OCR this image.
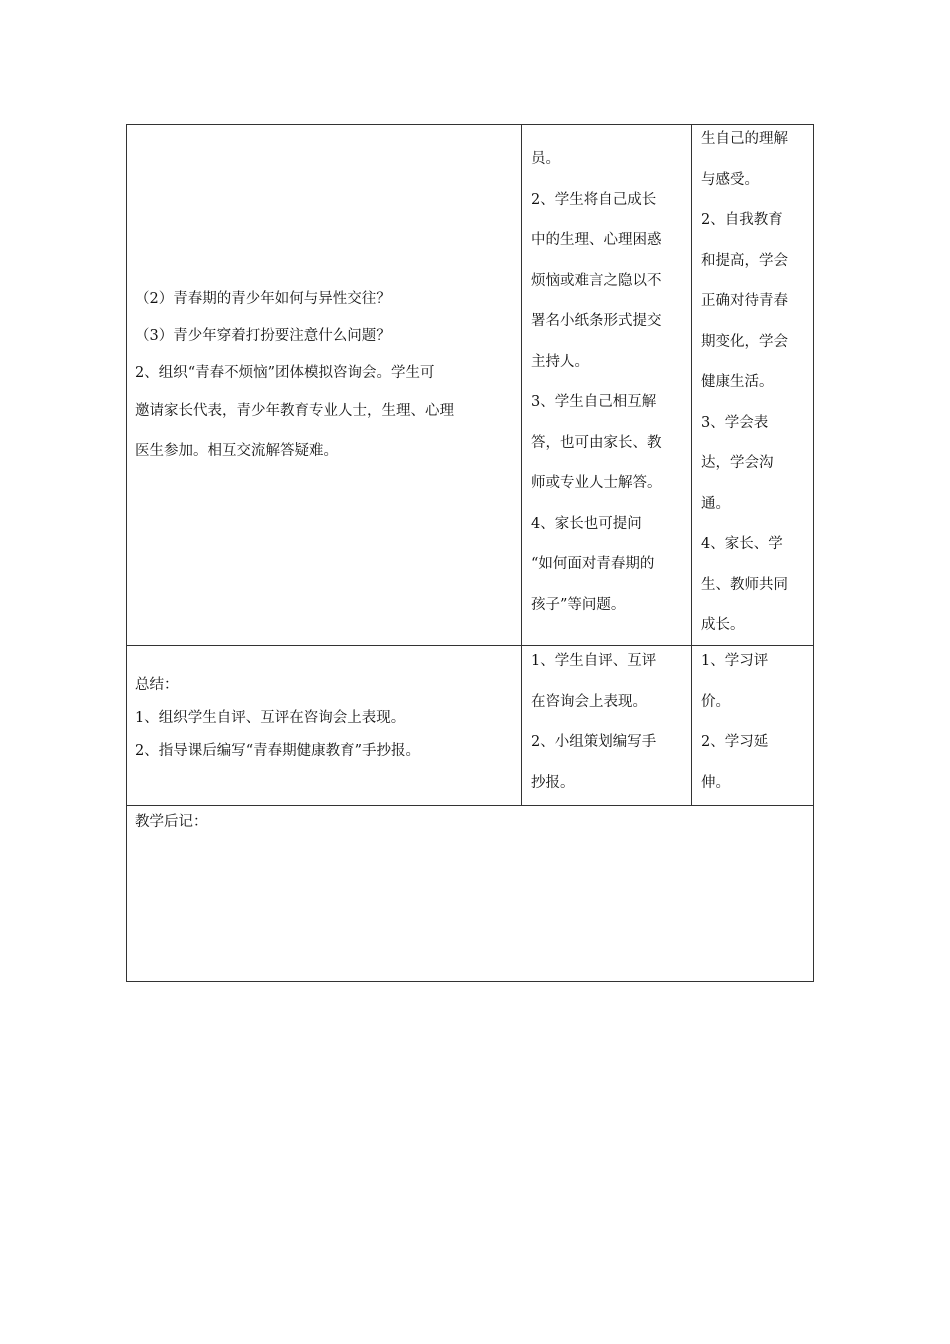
（2）青春期的青少年如何与异性交往？

（3）青少年穿着打扮要注意什么问题？

2、组织“青春不烦恼”团体模拟咨询会。学生可

邀请家长代表，青少年教育专业人士，生理、心理

医生参加。相互交流解答疑难。

员。

2、学生将自己成长

中的生理、心理困惑

烦恼或难言之隐以不

署名小纸条形式提交

主持人。

3、学生自己相互解

答，也可由家长、教

师或专业人士解答。

4、家长也可提问

“如何面对青春期的

孩子”等问题。

生自己的理解

与感受。

2、自我教育

和提高，学会

正确对待青春

期变化，学会

健康生活。

3、学会表

达，学会沟

通。

4、家长、学

生、教师共同

成长。

总结：

1、组织学生自评、互评在咨询会上表现。

2、指导课后编写“青春期健康教育”手抄报。

1、学生自评、互评

在咨询会上表现。

2、小组策划编写手

抄报。

1、学习评

价。

2、学习延

伸。

教学后记：
